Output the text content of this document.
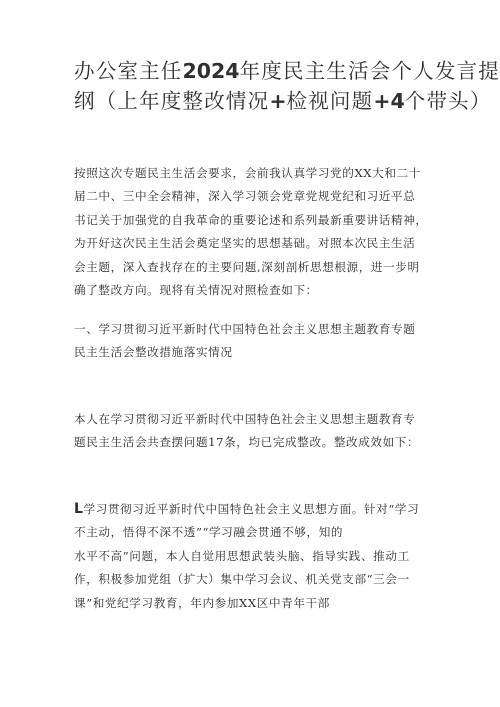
办公室主任2024年度民主生活会个人发言提
纲（上年度整改情况+检视问题+4个带头）
按照这次专题民主生活会要求，会前我认真学习党的XX大和二十
届二中、三中全会精神，深入学习领会党章党规党纪和习近平总
书记关于加强党的自我革命的重要论述和系列最新重要讲话精神，
为开好这次民主生活会奠定坚实的思想基础。对照本次民主生活
会主题，深入查找存在的主要问题,深刻剖析思想根源，进一步明
确了整改方向。现将有关情况对照检查如下：
一、学习贯彻习近平新时代中国特色社会主义思想主题教育专题
民主生活会整改措施落实情况
本人在学习贯彻习近平新时代中国特色社会主义思想主题教育专
题民主生活会共查摆问题17条，均已完成整改。整改成效如下：
L学习贯彻习近平新时代中国特色社会主义思想方面。针对“学习
不主动，悟得不深不透”“学习融会贯通不够，知的
水平不高”问题，本人自觉用思想武装头脑、指导实践、推动工
作，积极参加党组（扩大）集中学习会议、机关党支部“三会一
课”和党纪学习教育，年内参加XX区中青年干部
